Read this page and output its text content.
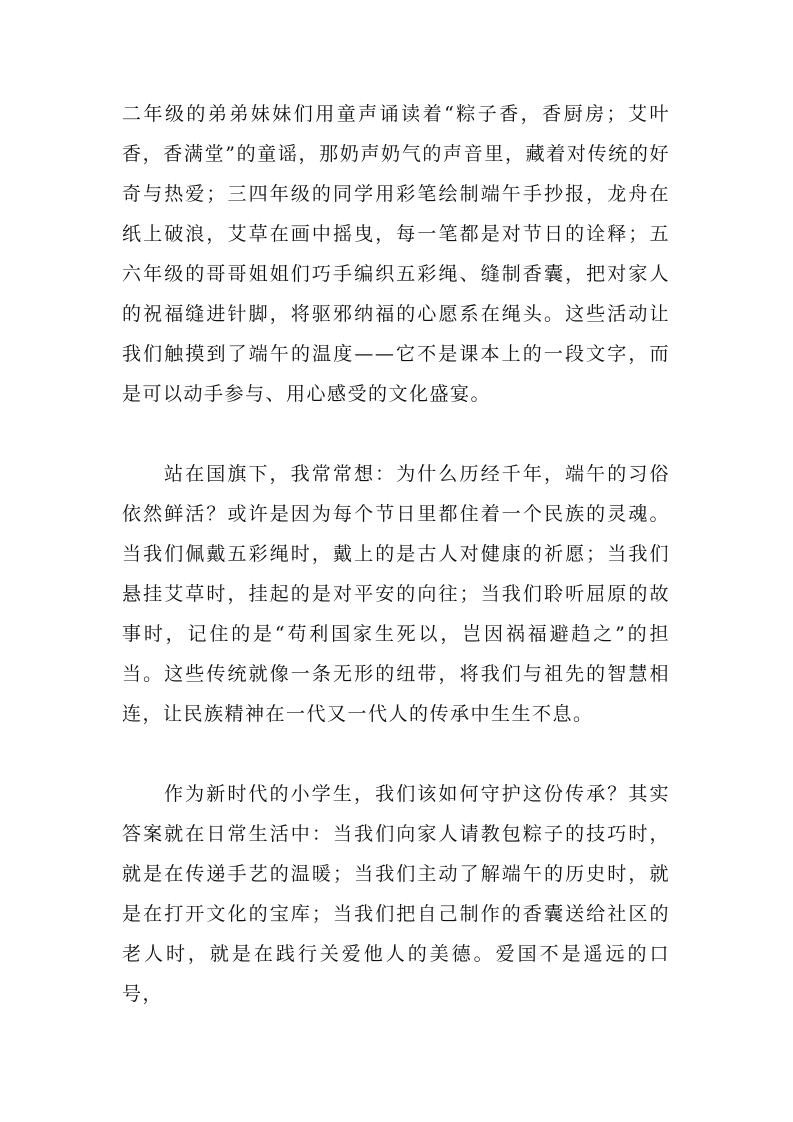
二年级的弟弟妹妹们用童声诵读着“粽子香，香厨房；艾叶香，香满堂”的童谣，那奶声奶气的声音里，藏着对传统的好奇与热爱；三四年级的同学用彩笔绘制端午手抄报，龙舟在纸上破浪，艾草在画中摇曳，每一笔都是对节日的诠释；五六年级的哥哥姐姐们巧手编织五彩绳、缝制香囊，把对家人的祝福缝进针脚，将驱邪纳福的心愿系在绳头。这些活动让我们触摸到了端午的温度——它不是课本上的一段文字，而是可以动手参与、用心感受的文化盛宴。

站在国旗下，我常常想：为什么历经千年，端午的习俗依然鲜活？或许是因为每个节日里都住着一个民族的灵魂。当我们佩戴五彩绳时，戴上的是古人对健康的祈愿；当我们悬挂艾草时，挂起的是对平安的向往；当我们聆听屈原的故事时，记住的是“苟利国家生死以，岂因祸福避趋之”的担当。这些传统就像一条无形的纽带，将我们与祖先的智慧相连，让民族精神在一代又一代人的传承中生生不息。

作为新时代的小学生，我们该如何守护这份传承？其实答案就在日常生活中：当我们向家人请教包粽子的技巧时，就是在传递手艺的温暖；当我们主动了解端午的历史时，就是在打开文化的宝库；当我们把自己制作的香囊送给社区的老人时，就是在践行关爱他人的美德。爱国不是遥远的口号，
